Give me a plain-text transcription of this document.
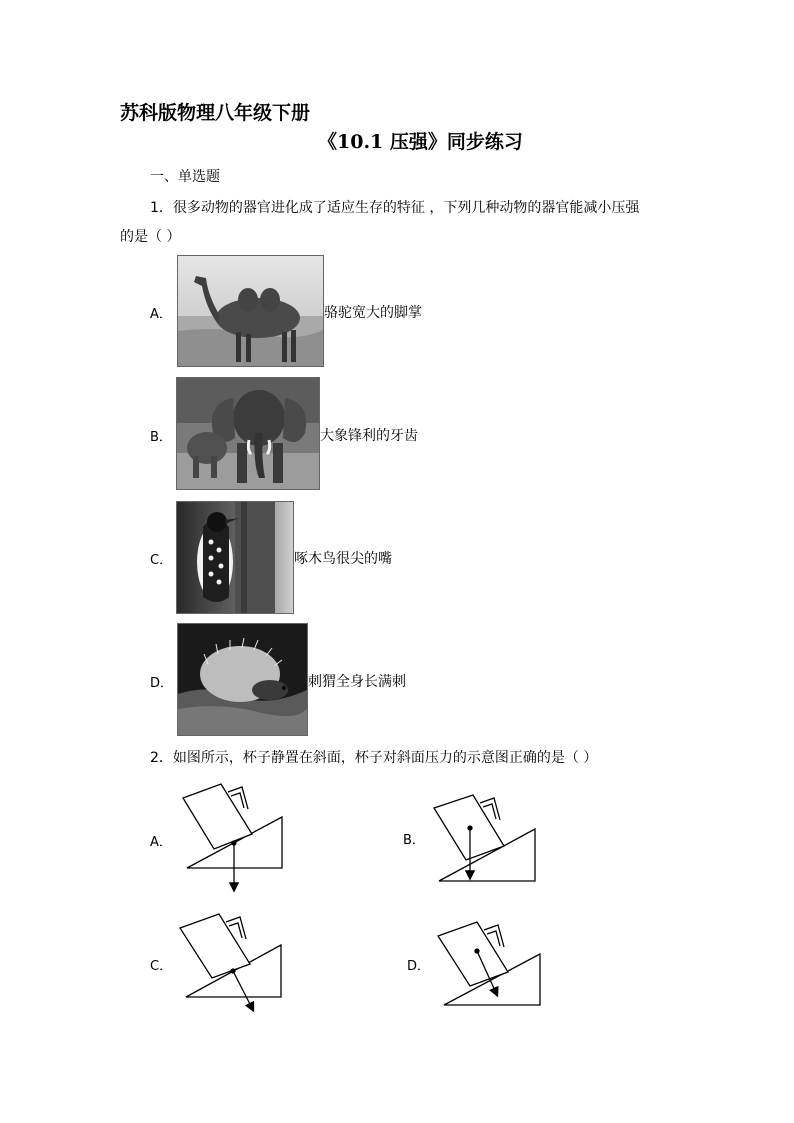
苏科版物理八年级下册
《10.1 压强》同步练习
一、单选题
1．很多动物的器官进化成了适应生存的特征 ，下列几种动物的器官能减小压强
的是（ ）
A．	骆驼宽大的脚掌
B．	大象锋利的牙齿
C．	啄木鸟很尖的嘴
D．	刺猬全身长满刺
2．如图所示，杯子静置在斜面，杯子对斜面压力的示意图正确的是（ ）
A．	B．
C．	D．
